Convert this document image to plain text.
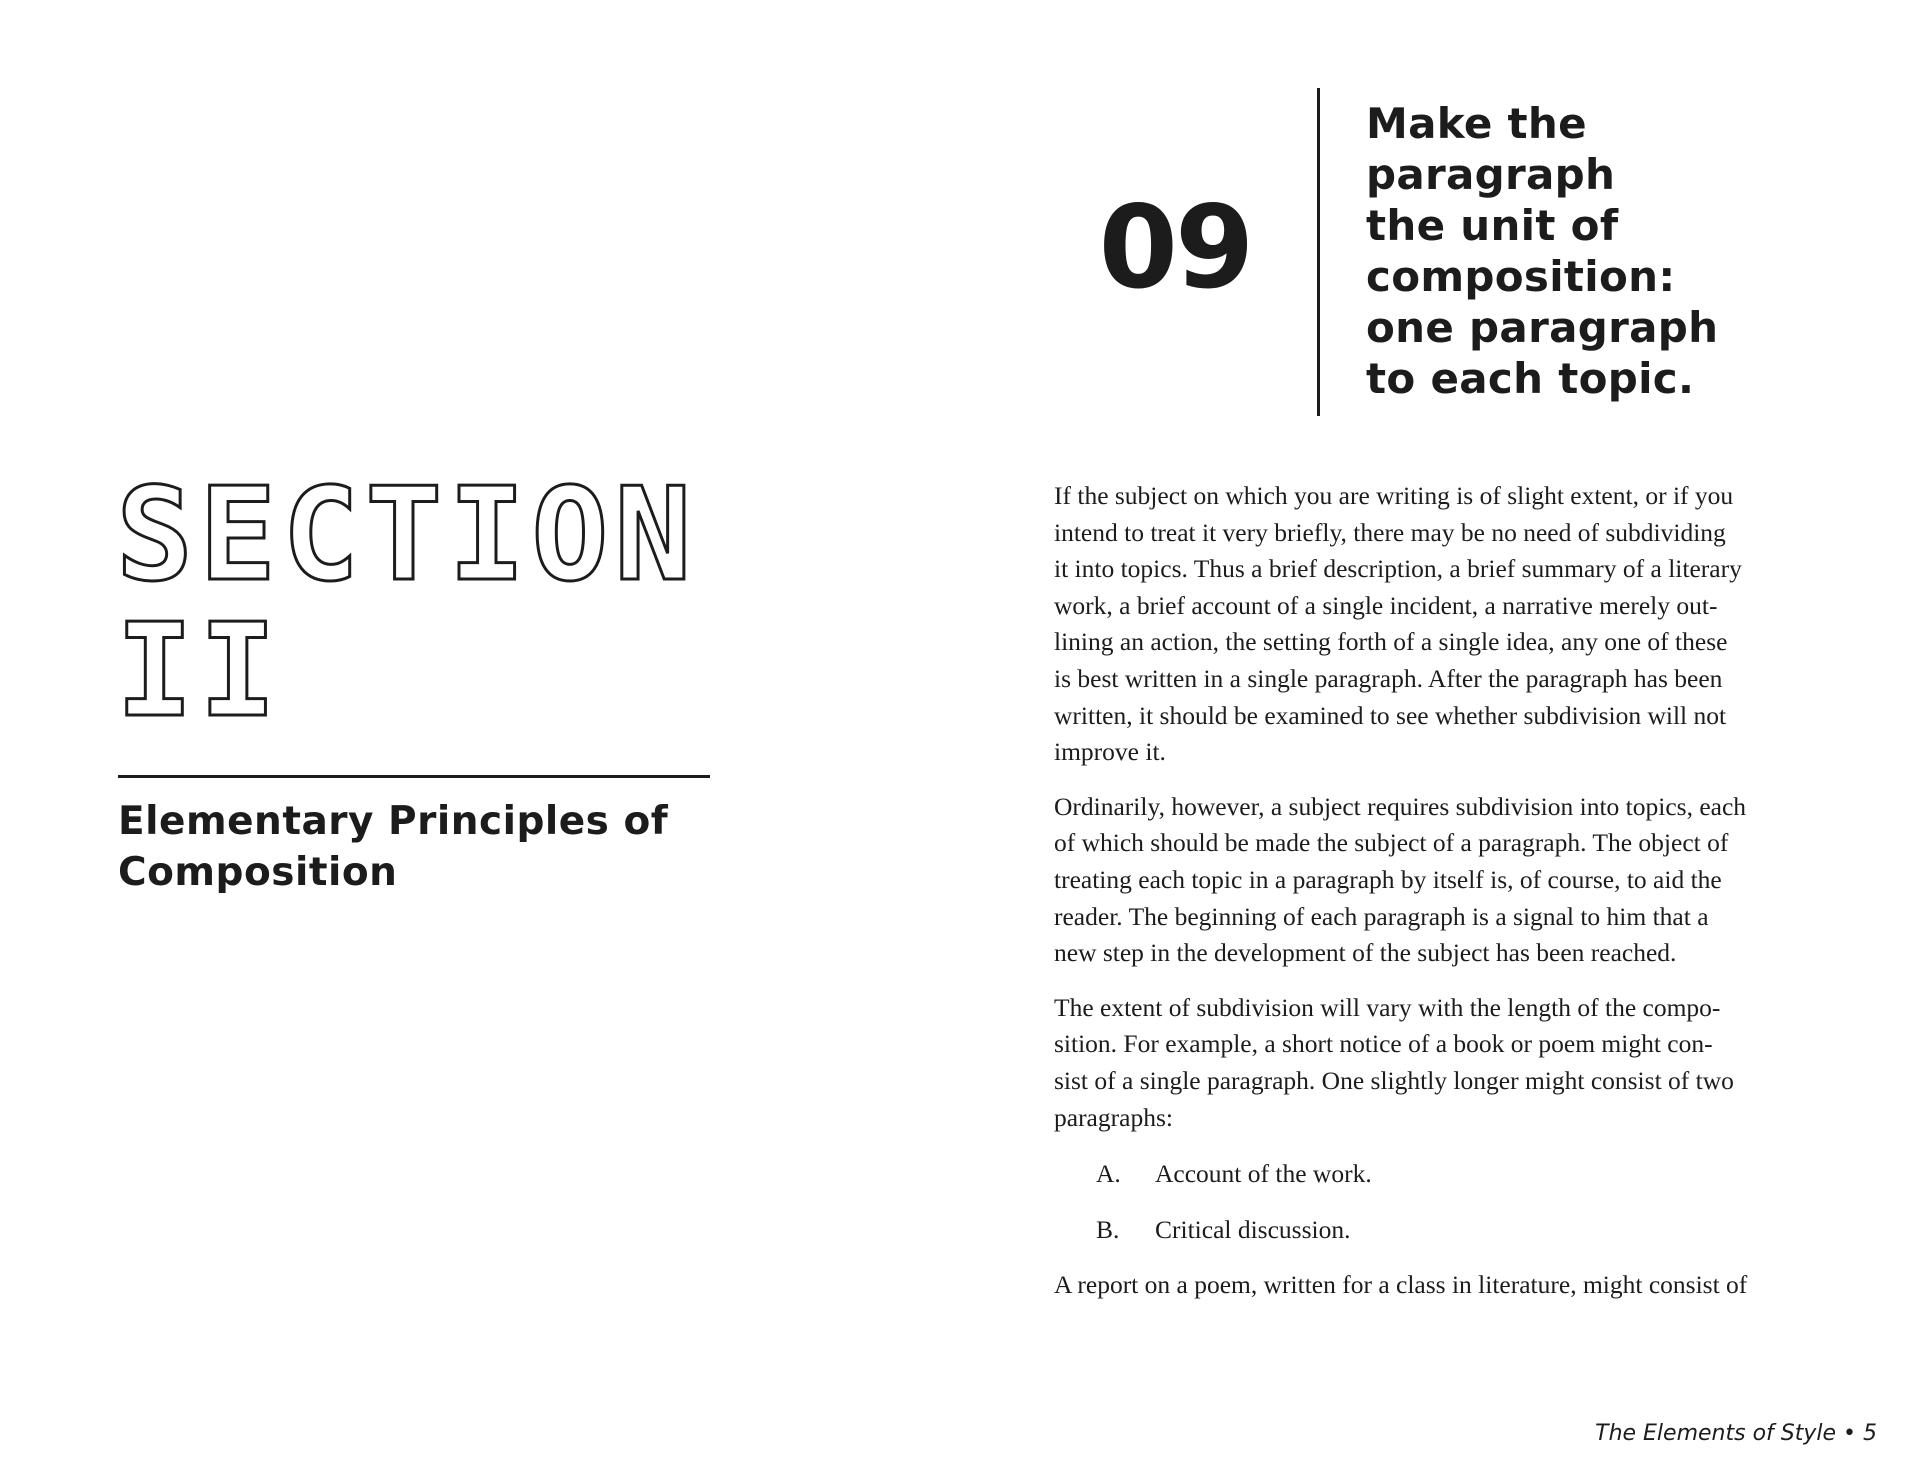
SECTION
II
Elementary Principles of
Composition
09
Make the
paragraph
the unit of
composition:
one paragraph
to each topic.

If the subject on which you are writing is of slight extent, or if you
intend to treat it very briefly, there may be no need of subdividing
it into topics. Thus a brief description, a brief summary of a literary
work, a brief account of a single incident, a narrative merely out-
lining an action, the setting forth of a single idea, any one of these
is best written in a single paragraph. After the paragraph has been
written, it should be examined to see whether subdivision will not
improve it.

Ordinarily, however, a subject requires subdivision into topics, each
of which should be made the subject of a paragraph. The object of
treating each topic in a paragraph by itself is, of course, to aid the
reader. The beginning of each paragraph is a signal to him that a
new step in the development of the subject has been reached.

The extent of subdivision will vary with the length of the compo-
sition. For example, a short notice of a book or poem might con-
sist of a single paragraph. One slightly longer might consist of two
paragraphs:

A. Account of the work.
B. Critical discussion.

A report on a poem, written for a class in literature, might consist of

The Elements of Style • 5
